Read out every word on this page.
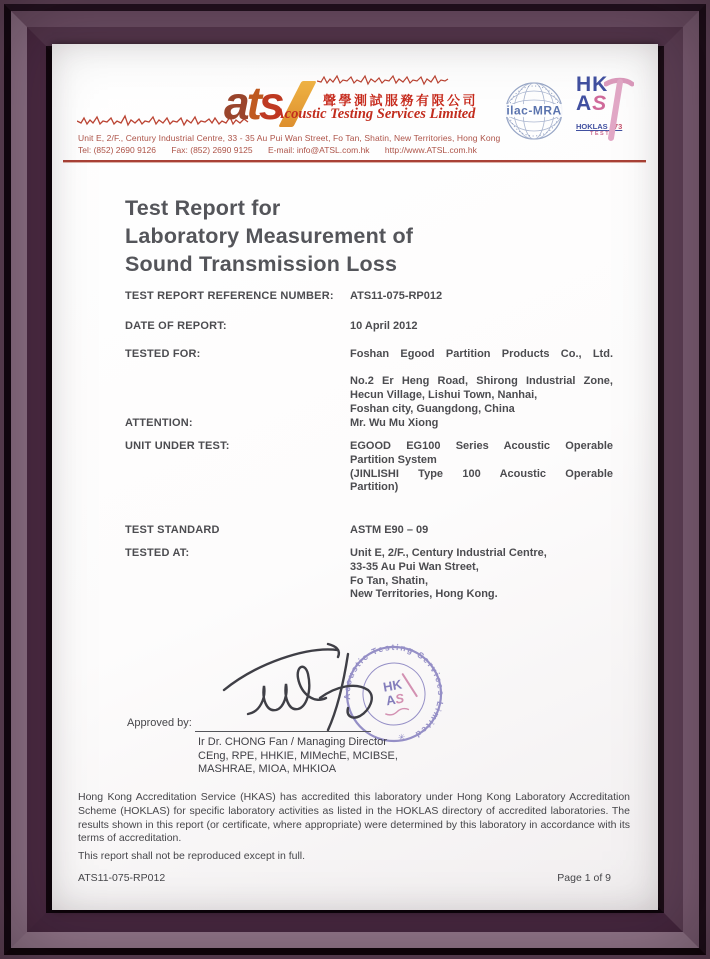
ats	聲學測試服務有限公司
Acoustic Testing Services Limited
Unit E, 2/F., Century Industrial Centre, 33 - 35 Au Pui Wan Street, Fo Tan, Shatin, New Territories, Hong Kong
Tel: (852) 2690 9126 Fax: (852) 2690 9125 E-mail: info@ATSL.com.hk http://www.ATSL.com.hk
ilac-MRA
HK
AS
HOKLAS 173
TEST
Test Report for
Laboratory Measurement of
Sound Transmission Loss
TEST REPORT REFERENCE NUMBER: ATS11-075-RP012
DATE OF REPORT:	10 April 2012
TESTED FOR:	Foshan Egood Partition Products Co., Ltd.
No.2 Er Heng Road, Shirong Industrial Zone,
Hecun Village, Lishui Town, Nanhai,
Foshan city, Guangdong, China
ATTENTION:	Mr. Wu Mu Xiong
UNIT UNDER TEST:	EGOOD EG100 Series Acoustic Operable
Partition System
(JINLISHI Type 100 Acoustic Operable
Partition)
TEST STANDARD	ASTM E90 – 09
TESTED AT:	Unit E, 2/F., Century Industrial Centre,
33-35 Au Pui Wan Street,
Fo Tan, Shatin,
New Territories, Hong Kong.
Acoustic Testing Services Limited
✳
HK
AS
Approved by:
Ir Dr. CHONG Fan / Managing Director
CEng, RPE, HHKIE, MIMechE, MCIBSE,
MASHRAE, MIOA, MHKIOA
Hong Kong Accreditation Service (HKAS) has accredited this laboratory under Hong Kong Laboratory Accreditation Scheme (HOKLAS) for specific laboratory activities as listed in the HOKLAS directory of accredited laboratories. The results shown in this report (or certificate, where appropriate) were determined by this laboratory in accordance with its terms of accreditation.
This report shall not be reproduced except in full.
ATS11-075-RP012	Page 1 of 9
